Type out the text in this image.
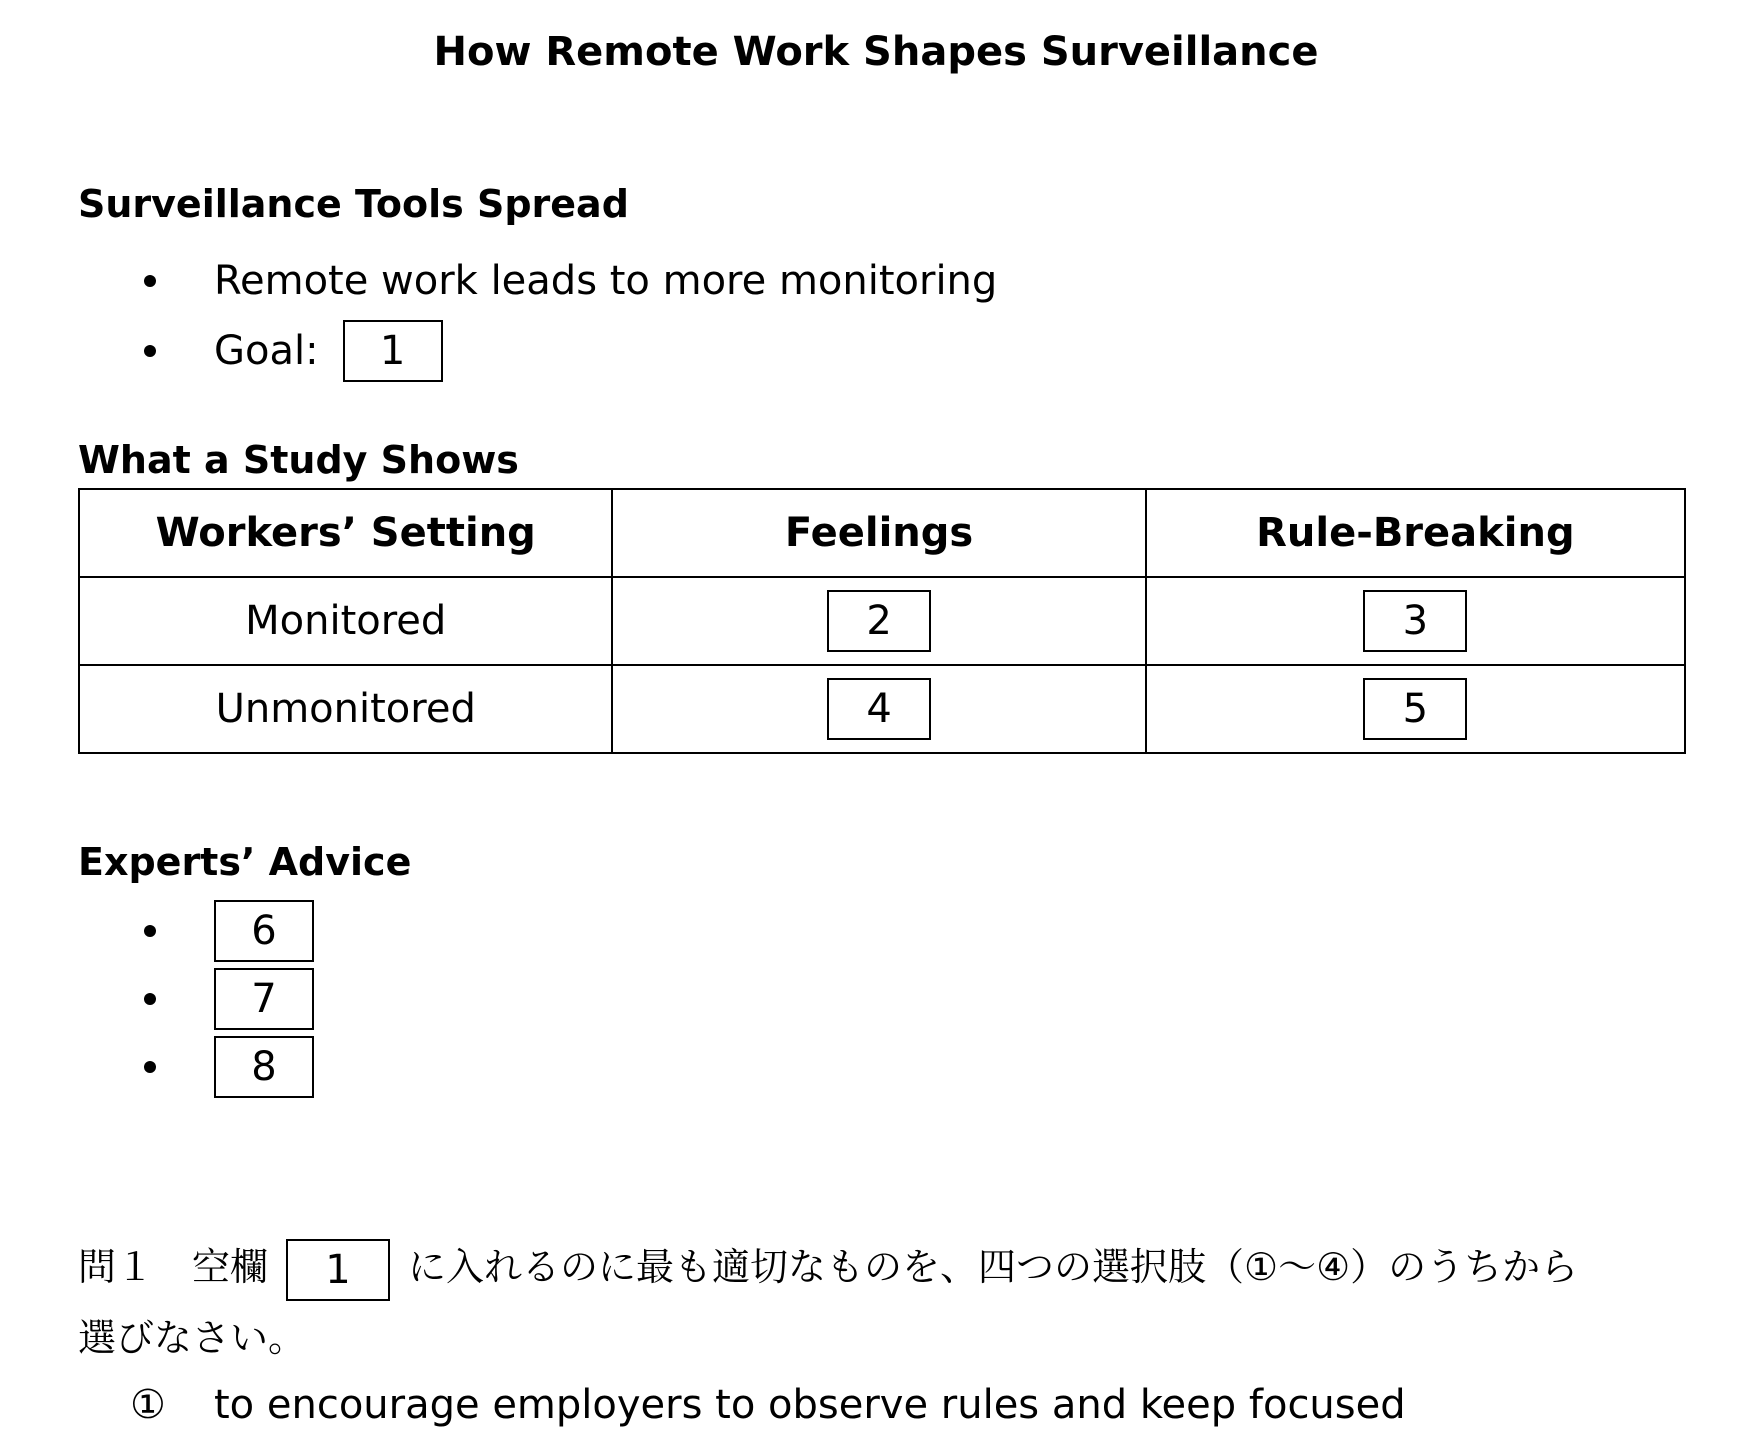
How Remote Work Shapes Surveillance
Surveillance Tools Spread
Remote work leads to more monitoring
Goal:	1
What a Study Shows
Workers’ Setting	Feelings	Rule-Breaking
Monitored	2	3
Unmonitored	4	5
Experts’ Advice
6
7
8
問１　空欄 1 に入れるのに最も適切なものを、四つの選択肢（①～④）のうちから
選びなさい。
① to encourage employers to observe rules and keep focused
